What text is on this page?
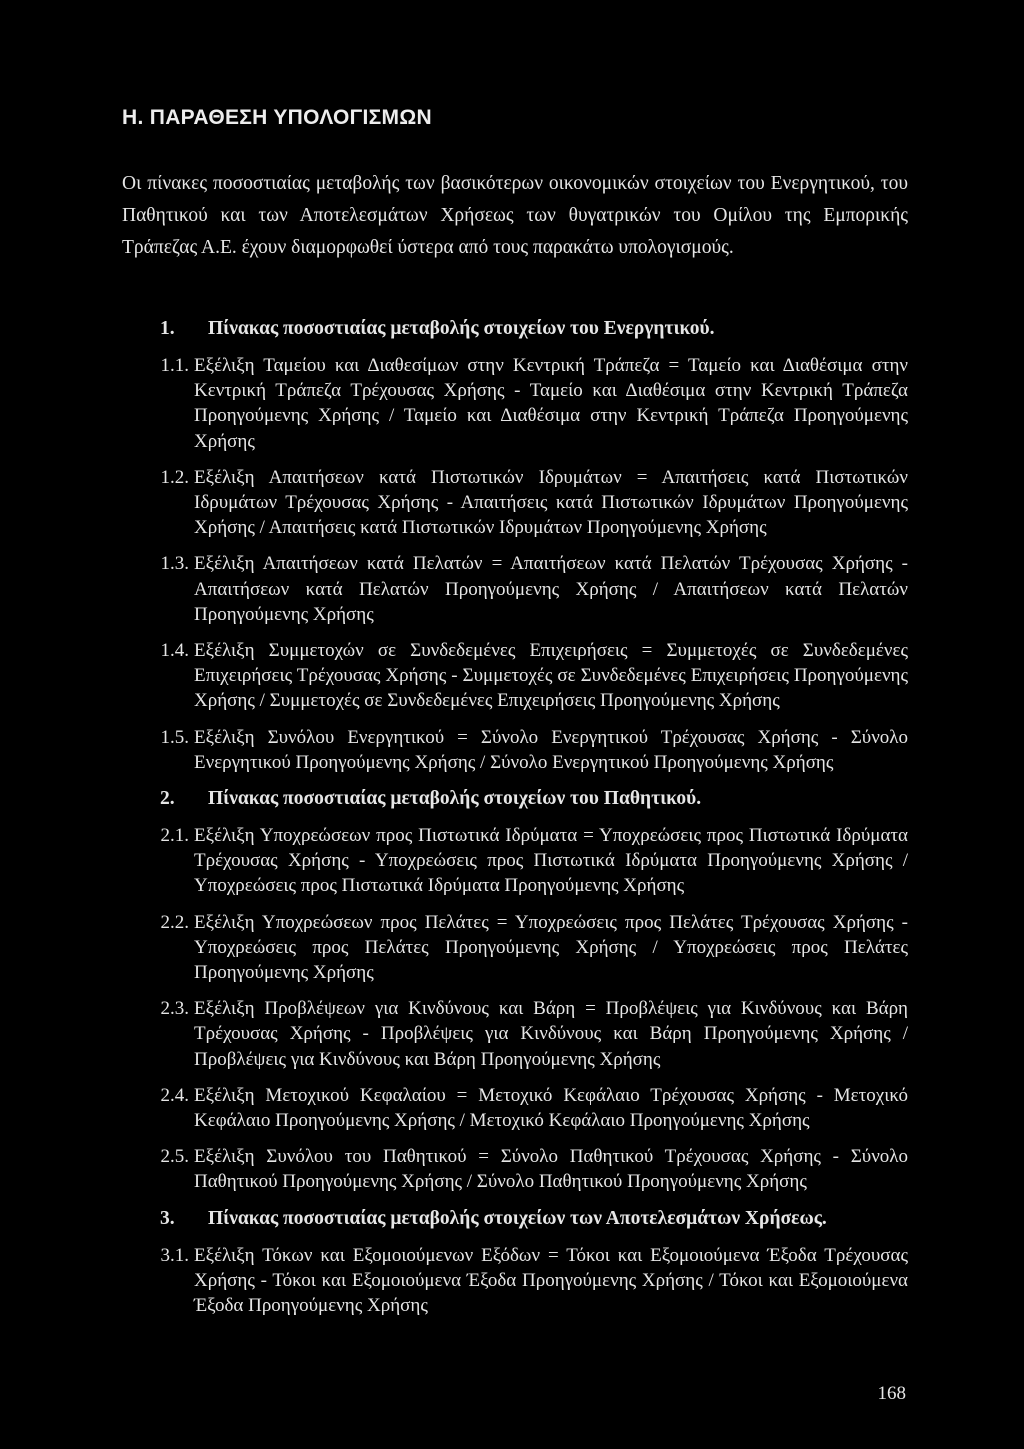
Η. ΠΑΡΑΘΕΣΗ ΥΠΟΛΟΓΙΣΜΩΝ

Οι πίνακες ποσοστιαίας μεταβολής των βασικότερων οικονομικών στοιχείων του Ενεργητικού, του Παθητικού και των Αποτελεσμάτων Χρήσεως των θυγατρικών του Ομίλου της Εμπορικής Τράπεζας Α.Ε. έχουν διαμορφωθεί ύστερα από τους παρακάτω υπολογισμούς.

1.	Πίνακας ποσοστιαίας μεταβολής στοιχείων του Ενεργητικού.
1.1. Εξέλιξη Ταμείου και Διαθεσίμων στην Κεντρική Τράπεζα = Ταμείο και Διαθέσιμα στην Κεντρική Τράπεζα Τρέχουσας Χρήσης - Ταμείο και Διαθέσιμα στην Κεντρική Τράπεζα Προηγούμενης Χρήσης / Ταμείο και Διαθέσιμα στην Κεντρική Τράπεζα Προηγούμενης Χρήσης
1.2. Εξέλιξη Απαιτήσεων κατά Πιστωτικών Ιδρυμάτων = Απαιτήσεις κατά Πιστωτικών Ιδρυμάτων Τρέχουσας Χρήσης - Απαιτήσεις κατά Πιστωτικών Ιδρυμάτων Προηγούμενης Χρήσης / Απαιτήσεις κατά Πιστωτικών Ιδρυμάτων Προηγούμενης Χρήσης
1.3. Εξέλιξη Απαιτήσεων κατά Πελατών = Απαιτήσεων κατά Πελατών Τρέχουσας Χρήσης - Απαιτήσεων κατά Πελατών Προηγούμενης Χρήσης / Απαιτήσεων κατά Πελατών Προηγούμενης Χρήσης
1.4. Εξέλιξη Συμμετοχών σε Συνδεδεμένες Επιχειρήσεις = Συμμετοχές σε Συνδεδεμένες Επιχειρήσεις Τρέχουσας Χρήσης - Συμμετοχές σε Συνδεδεμένες Επιχειρήσεις Προηγούμενης Χρήσης / Συμμετοχές σε Συνδεδεμένες Επιχειρήσεις Προηγούμενης Χρήσης
1.5. Εξέλιξη Συνόλου Ενεργητικού = Σύνολο Ενεργητικού Τρέχουσας Χρήσης - Σύνολο Ενεργητικού Προηγούμενης Χρήσης / Σύνολο Ενεργητικού Προηγούμενης Χρήσης
2.	Πίνακας ποσοστιαίας μεταβολής στοιχείων του Παθητικού.
2.1. Εξέλιξη Υποχρεώσεων προς Πιστωτικά Ιδρύματα = Υποχρεώσεις προς Πιστωτικά Ιδρύματα Τρέχουσας Χρήσης - Υποχρεώσεις προς Πιστωτικά Ιδρύματα Προηγούμενης Χρήσης / Υποχρεώσεις προς Πιστωτικά Ιδρύματα Προηγούμενης Χρήσης
2.2. Εξέλιξη Υποχρεώσεων προς Πελάτες = Υποχρεώσεις προς Πελάτες Τρέχουσας Χρήσης - Υποχρεώσεις προς Πελάτες Προηγούμενης Χρήσης / Υποχρεώσεις προς Πελάτες Προηγούμενης Χρήσης
2.3. Εξέλιξη Προβλέψεων για Κινδύνους και Βάρη = Προβλέψεις για Κινδύνους και Βάρη Τρέχουσας Χρήσης - Προβλέψεις για Κινδύνους και Βάρη Προηγούμενης Χρήσης / Προβλέψεις για Κινδύνους και Βάρη Προηγούμενης Χρήσης
2.4. Εξέλιξη Μετοχικού Κεφαλαίου = Μετοχικό Κεφάλαιο Τρέχουσας Χρήσης - Μετοχικό Κεφάλαιο Προηγούμενης Χρήσης / Μετοχικό Κεφάλαιο Προηγούμενης Χρήσης
2.5. Εξέλιξη Συνόλου του Παθητικού = Σύνολο Παθητικού Τρέχουσας Χρήσης - Σύνολο Παθητικού Προηγούμενης Χρήσης / Σύνολο Παθητικού Προηγούμενης Χρήσης
3.	Πίνακας ποσοστιαίας μεταβολής στοιχείων των Αποτελεσμάτων Χρήσεως.
3.1. Εξέλιξη Τόκων και Εξομοιούμενων Εξόδων = Τόκοι και Εξομοιούμενα Έξοδα Τρέχουσας Χρήσης - Τόκοι και Εξομοιούμενα Έξοδα Προηγούμενης Χρήσης / Τόκοι και Εξομοιούμενα Έξοδα Προηγούμενης Χρήσης

168
